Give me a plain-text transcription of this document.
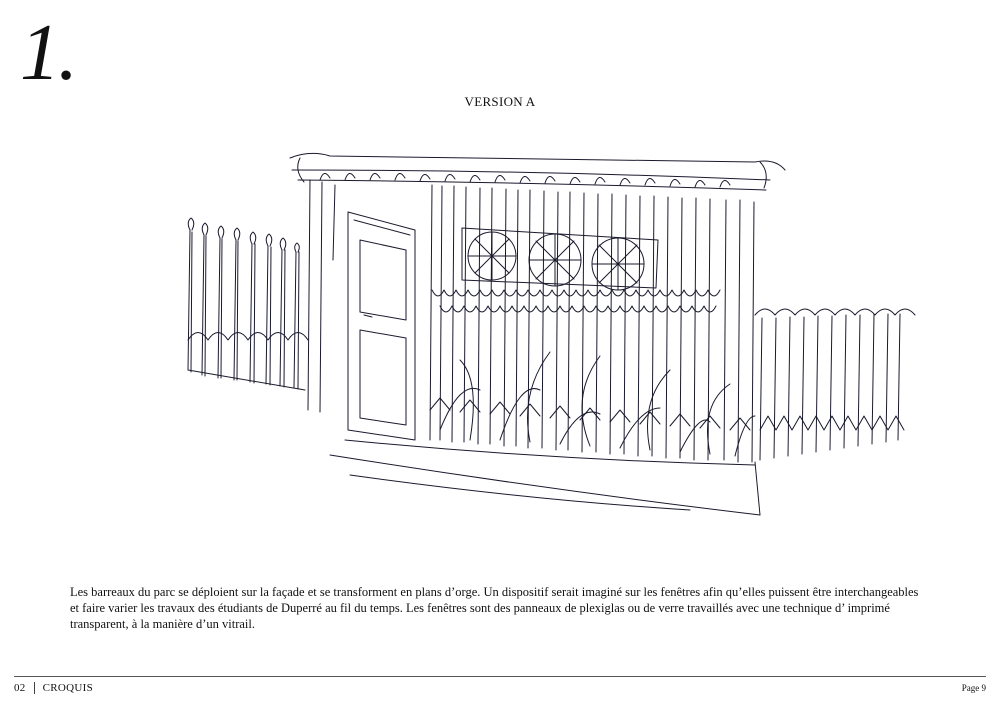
1.
VERSION A
Les barreaux du parc se déploient sur la façade et se transforment en plans d’orge. Un dispositif serait imaginé sur les fenêtres afin qu’elles puissent être interchangeables et faire varier les travaux des étudiants de Duperré au fil du temps. Les fenêtres sont des panneaux de plexiglas ou de verre travaillés avec une technique d’ imprimé transparent, à la manière d’un vitrail.
02 CROQUIS	Page 9
